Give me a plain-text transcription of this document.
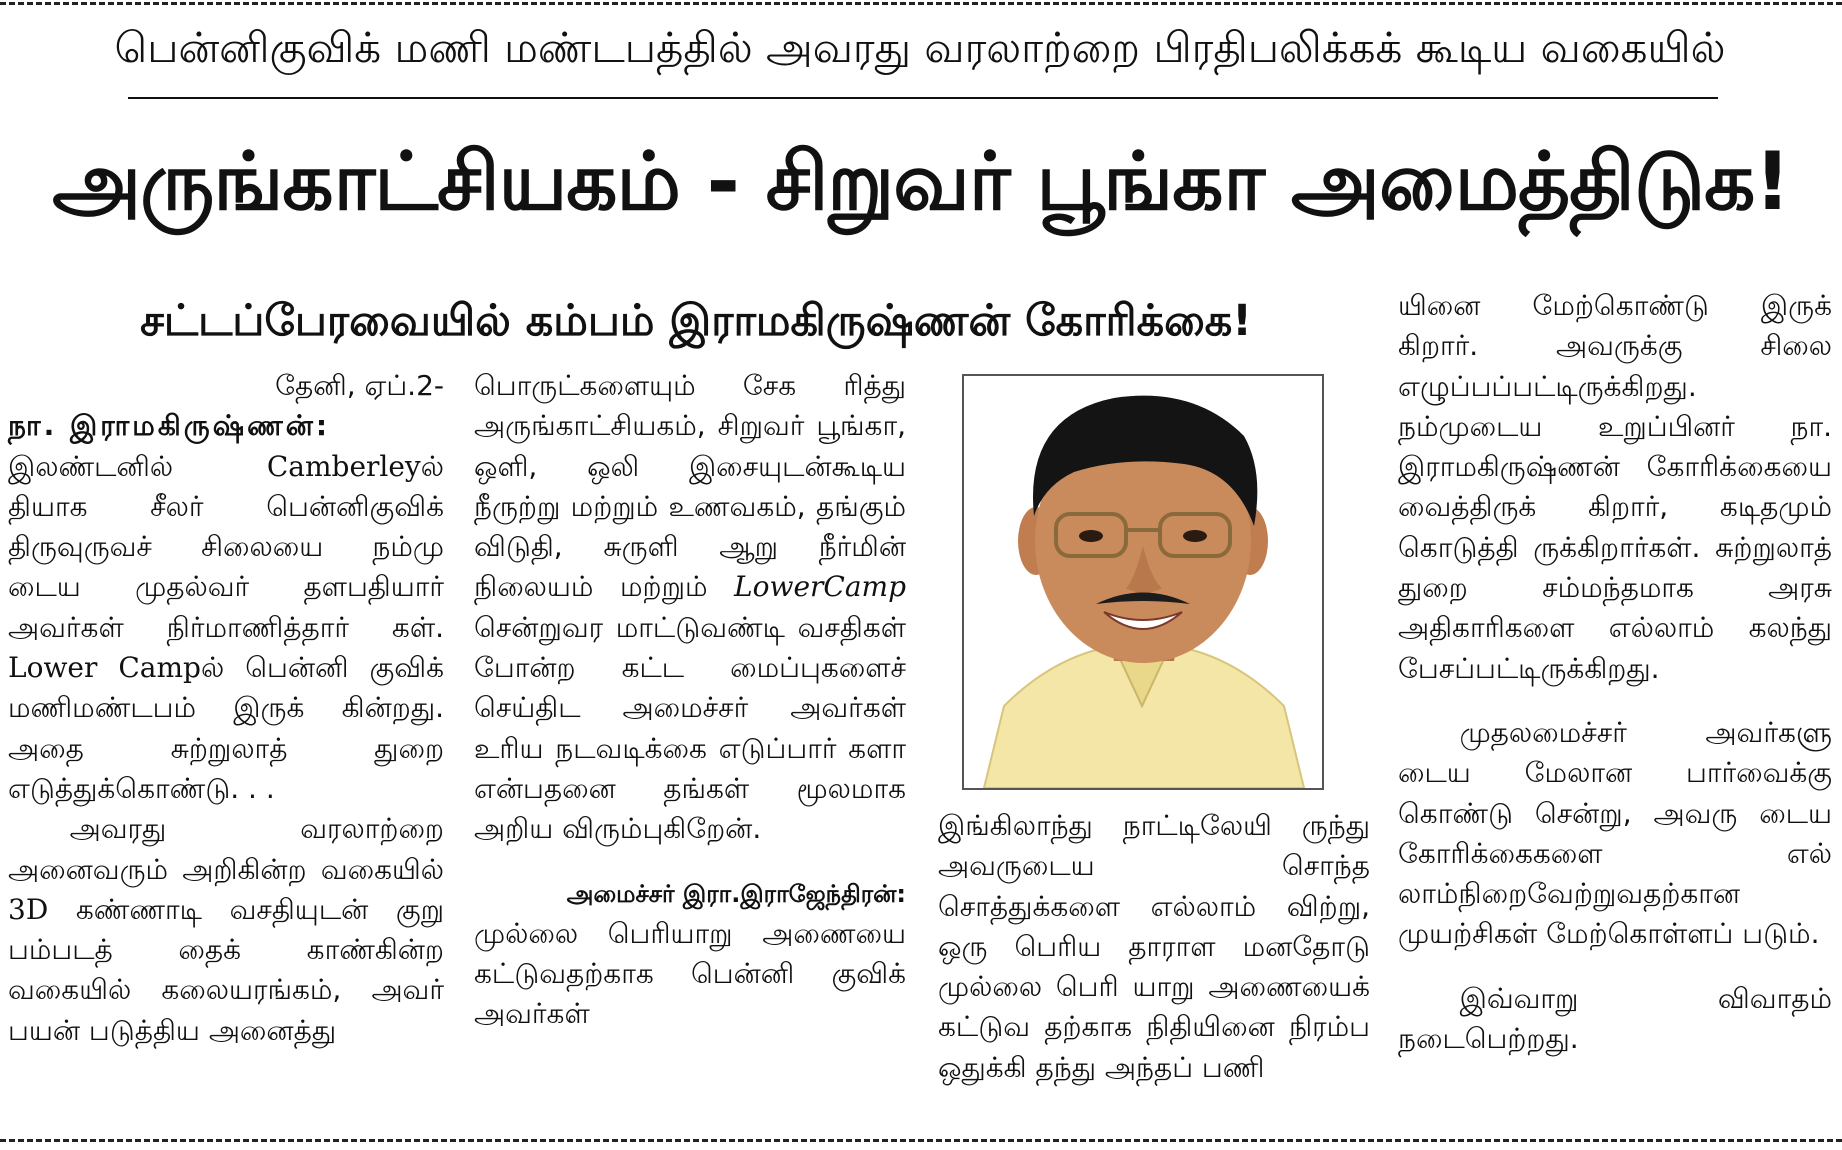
பென்னிகுவிக் மணி மண்டபத்தில் அவரது வரலாற்றை பிரதிபலிக்கக் கூடிய வகையில்
அருங்காட்சியகம் - சிறுவர் பூங்கா அமைத்திடுக!
சட்டப்பேரவையில் கம்பம் இராமகிருஷ்ணன் கோரிக்கை!

தேனி, ஏப்.2-

நா. இராமகிருஷ்ணன்:

இலண்டனில் Camberleyல் தியாக சீலர் பென்னிகுவிக் திருவுருவச் சிலையை நம்மு டைய முதல்வர் தளபதியார் அவர்கள் நிர்மாணித்தார் கள். Lower Campல் பென்னி குவிக் மணிமண்டபம் இருக் கின்றது. அதை சுற்றுலாத் துறை எடுத்துக்கொண்டு. . .

அவரது வரலாற்றை அனைவரும் அறிகின்ற வகையில் 3D கண்ணாடி வசதியுடன் குறு பம்படத் தைக் காண்கின்ற வகையில் கலையரங்கம், அவர் பயன் படுத்திய அனைத்து

பொருட்களையும் சேக ரித்து அருங்காட்சியகம், சிறுவர் பூங்கா, ஒளி, ஒலி இசையுடன்கூடிய நீருற்று மற்றும் உணவகம், தங்கும் விடுதி, சுருளி ஆறு நீர்மின் நிலையம் மற்றும் LowerCamp சென்றுவர மாட்டுவண்டி வசதிகள் போன்ற கட்ட மைப்புகளைச் செய்திட அமைச்சர் அவர்கள் உரிய நடவடிக்கை எடுப்பார் களா என்பதனை தங்கள் மூலமாக அறிய விரும்புகிறேன்.

அமைச்சர் இரா.இராஜேந்திரன்:

முல்லை பெரியாறு அணையை கட்டுவதற்காக பென்னி குவிக் அவர்கள்

இங்கிலாந்து நாட்டிலேயி ருந்து அவருடைய சொந்த சொத்துக்களை எல்லாம் விற்று, ஒரு பெரிய தாராள மனதோடு முல்லை பெரி யாறு அணையைக் கட்டுவ தற்காக நிதியினை நிரம்ப ஒதுக்கி தந்து அந்தப் பணி

யினை மேற்கொண்டு இருக் கிறார். அவருக்கு சிலை எழுப்பப்பட்டிருக்கிறது. நம்முடைய உறுப்பினர் நா. இராமகிருஷ்ணன் கோரிக்கையை வைத்திருக் கிறார், கடிதமும் கொடுத்தி ருக்கிறார்கள். சுற்றுலாத் துறை சம்மந்தமாக அரசு அதிகாரிகளை எல்லாம் கலந்து பேசப்பட்டிருக்கிறது.

முதலமைச்சர் அவர்களு டைய மேலான பார்வைக்கு கொண்டு சென்று, அவரு டைய கோரிக்கைகளை எல் லாம்நிறைவேற்றுவதற்கான முயற்சிகள் மேற்கொள்ளப் படும்.

இவ்வாறு விவாதம் நடைபெற்றது.
